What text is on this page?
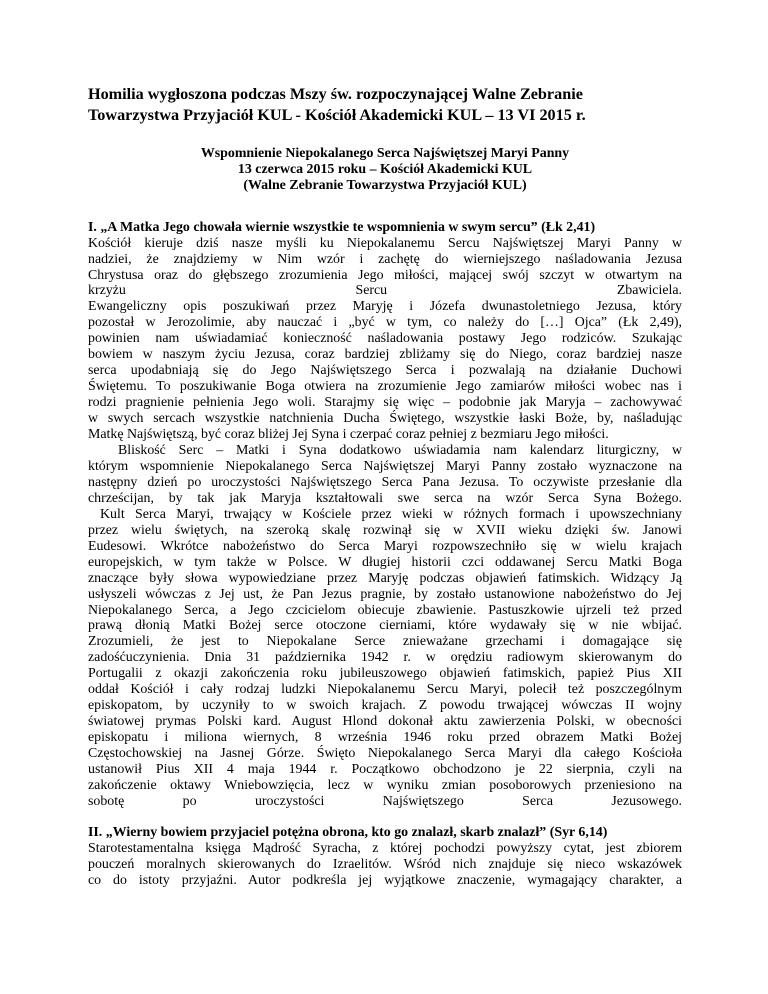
Homilia wygłoszona podczas Mszy św. rozpoczynającej Walne Zebranie
Towarzystwa Przyjaciół KUL - Kościół Akademicki KUL – 13 VI 2015 r.
Wspomnienie Niepokalanego Serca Najświętszej Maryi Panny
13 czerwca 2015 roku – Kościół Akademicki KUL
(Walne Zebranie Towarzystwa Przyjaciół KUL)
I. „A Matka Jego chowała wiernie wszystkie te wspomnienia w swym sercu” (Łk 2,41)
Kościół kieruje dziś nasze myśli ku Niepokalanemu Sercu Najświętszej Maryi Panny w
nadziei, że znajdziemy w Nim wzór i zachętę do wierniejszego naśladowania Jezusa
Chrystusa oraz do głębszego zrozumienia Jego miłości, mającej swój szczyt w otwartym na
krzyżu Sercu Zbawiciela.
Ewangeliczny opis poszukiwań przez Maryję i Józefa dwunastoletniego Jezusa, który
pozostał w Jerozolimie, aby nauczać i „być w tym, co należy do […] Ojca” (Łk 2,49),
powinien nam uświadamiać konieczność naśladowania postawy Jego rodziców. Szukając
bowiem w naszym życiu Jezusa, coraz bardziej zbliżamy się do Niego, coraz bardziej nasze
serca upodabniają się do Jego Najświętszego Serca i pozwalają na działanie Duchowi
Świętemu. To poszukiwanie Boga otwiera na zrozumienie Jego zamiarów miłości wobec nas i
rodzi pragnienie pełnienia Jego woli. Starajmy się więc – podobnie jak Maryja – zachowywać
w swych sercach wszystkie natchnienia Ducha Świętego, wszystkie łaski Boże, by, naśladując
Matkę Najświętszą, być coraz bliżej Jej Syna i czerpać coraz pełniej z bezmiaru Jego miłości.
Bliskość Serc – Matki i Syna dodatkowo uświadamia nam kalendarz liturgiczny, w
którym wspomnienie Niepokalanego Serca Najświętszej Maryi Panny zostało wyznaczone na
następny dzień po uroczystości Najświętszego Serca Pana Jezusa. To oczywiste przesłanie dla
chrześcijan, by tak jak Maryja kształtowali swe serca na wzór Serca Syna Bożego.
Kult Serca Maryi, trwający w Kościele przez wieki w różnych formach i upowszechniany
przez wielu świętych, na szeroką skalę rozwinął się w XVII wieku dzięki św. Janowi
Eudesowi. Wkrótce nabożeństwo do Serca Maryi rozpowszechniło się w wielu krajach
europejskich, w tym także w Polsce. W długiej historii czci oddawanej Sercu Matki Boga
znaczące były słowa wypowiedziane przez Maryję podczas objawień fatimskich. Widzący Ją
usłyszeli wówczas z Jej ust, że Pan Jezus pragnie, by zostało ustanowione nabożeństwo do Jej
Niepokalanego Serca, a Jego czcicielom obiecuje zbawienie. Pastuszkowie ujrzeli też przed
prawą dłonią Matki Bożej serce otoczone cierniami, które wydawały się w nie wbijać.
Zrozumieli, że jest to Niepokalane Serce znieważane grzechami i domagające się
zadośćuczynienia. Dnia 31 października 1942 r. w orędziu radiowym skierowanym do
Portugalii z okazji zakończenia roku jubileuszowego objawień fatimskich, papież Pius XII
oddał Kościół i cały rodzaj ludzki Niepokalanemu Sercu Maryi, polecił też poszczególnym
episkopatom, by uczyniły to w swoich krajach. Z powodu trwającej wówczas II wojny
światowej prymas Polski kard. August Hlond dokonał aktu zawierzenia Polski, w obecności
episkopatu i miliona wiernych, 8 września 1946 roku przed obrazem Matki Bożej
Częstochowskiej na Jasnej Górze. Święto Niepokalanego Serca Maryi dla całego Kościoła
ustanowił Pius XII 4 maja 1944 r. Początkowo obchodzono je 22 sierpnia, czyli na
zakończenie oktawy Wniebowzięcia, lecz w wyniku zmian posoborowych przeniesiono na
sobotę po uroczystości Najświętszego Serca Jezusowego.
II. „Wierny bowiem przyjaciel potężna obrona, kto go znalazł, skarb znalazł” (Syr 6,14)
Starotestamentalna księga Mądrość Syracha, z której pochodzi powyższy cytat, jest zbiorem
pouczeń moralnych skierowanych do Izraelitów. Wśród nich znajduje się nieco wskazówek
co do istoty przyjaźni. Autor podkreśla jej wyjątkowe znaczenie, wymagający charakter, a
